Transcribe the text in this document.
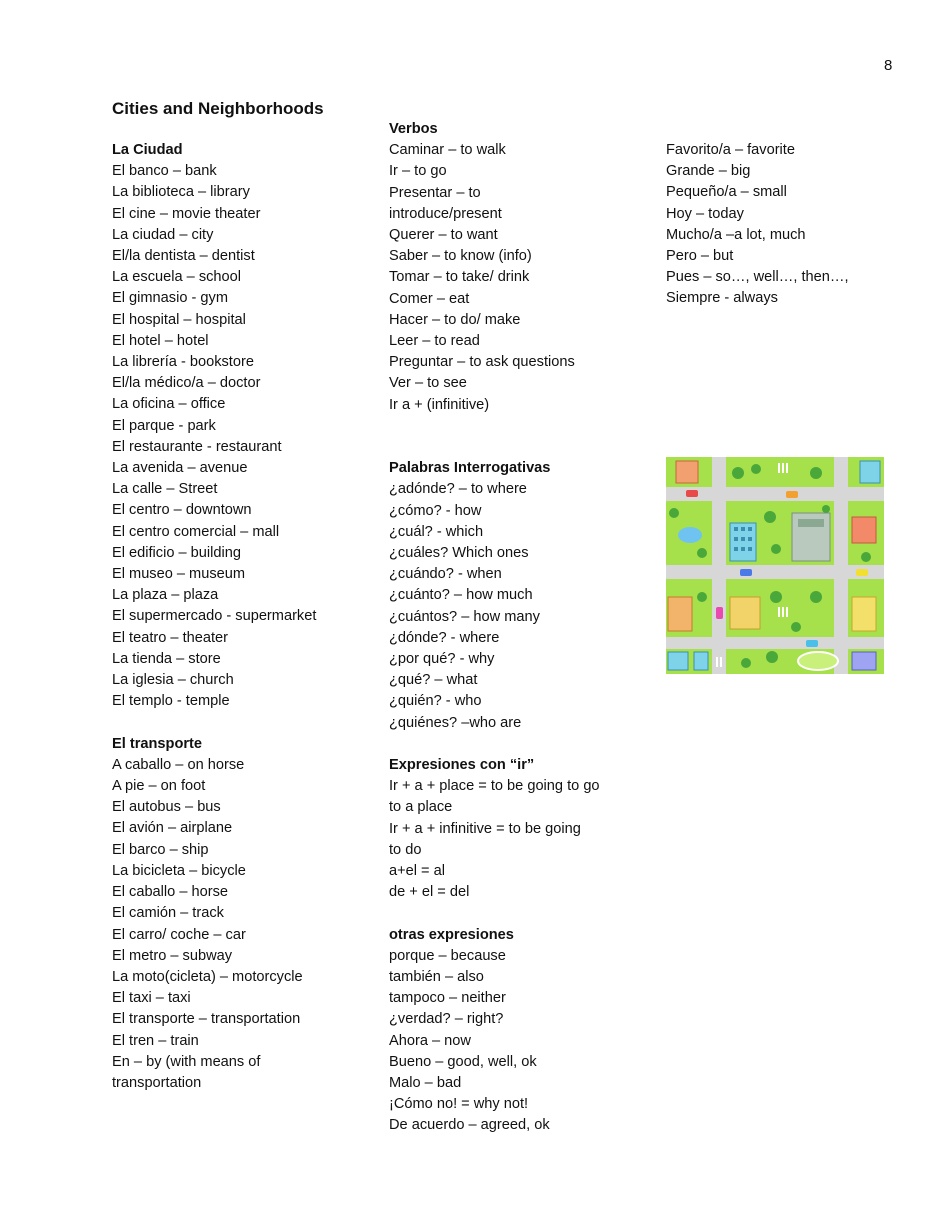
8
Cities and Neighborhoods
La Ciudad
El banco – bank
La biblioteca – library
El cine – movie theater
La ciudad – city
El/la dentista – dentist
La escuela – school
El gimnasio - gym
El hospital – hospital
El hotel – hotel
La librería - bookstore
El/la médico/a – doctor
La oficina – office
El parque - park
El restaurante - restaurant
La avenida – avenue
La calle – Street
El centro – downtown
El centro comercial – mall
El edificio – building
El museo – museum
La plaza – plaza
El supermercado - supermarket
El teatro – theater
La tienda – store
La iglesia – church
El templo - temple
El transporte
A caballo – on horse
A pie – on foot
El autobus – bus
El avión – airplane
El barco – ship
La bicicleta – bicycle
El caballo – horse
El camión – track
El carro/ coche – car
El metro – subway
La moto(cicleta) – motorcycle
El taxi – taxi
El transporte – transportation
El tren – train
En – by (with means of
transportation
Verbos
Caminar – to walk
Ir – to go
Presentar – to
introduce/present
Querer – to want
Saber – to know (info)
Tomar – to take/ drink
Comer – eat
Hacer – to do/ make
Leer – to read
Preguntar – to ask questions
Ver – to see
Ir a + (infinitive)
Palabras Interrogativas
¿adónde? – to where
¿cómo? - how
¿cuál? - which
¿cuáles? Which ones
¿cuándo? - when
¿cuánto? – how much
¿cuántos? – how many
¿dónde? - where
¿por qué? - why
¿qué? – what
¿quién? - who
¿quiénes? –who are
Expresiones con “ir”
Ir + a + place = to be going to go
to a place
Ir + a + infinitive = to be going
to do
a+el = al
de + el = del
otras expresiones
porque – because
también – also
tampoco – neither
¿verdad? – right?
Ahora – now
Bueno – good, well, ok
Malo – bad
¡Cómo no! = why not!
De acuerdo – agreed, ok
Favorito/a – favorite
Grande – big
Pequeño/a – small
Hoy – today
Mucho/a –a lot, much
Pero – but
Pues – so…, well…, then…,
Siempre - always
